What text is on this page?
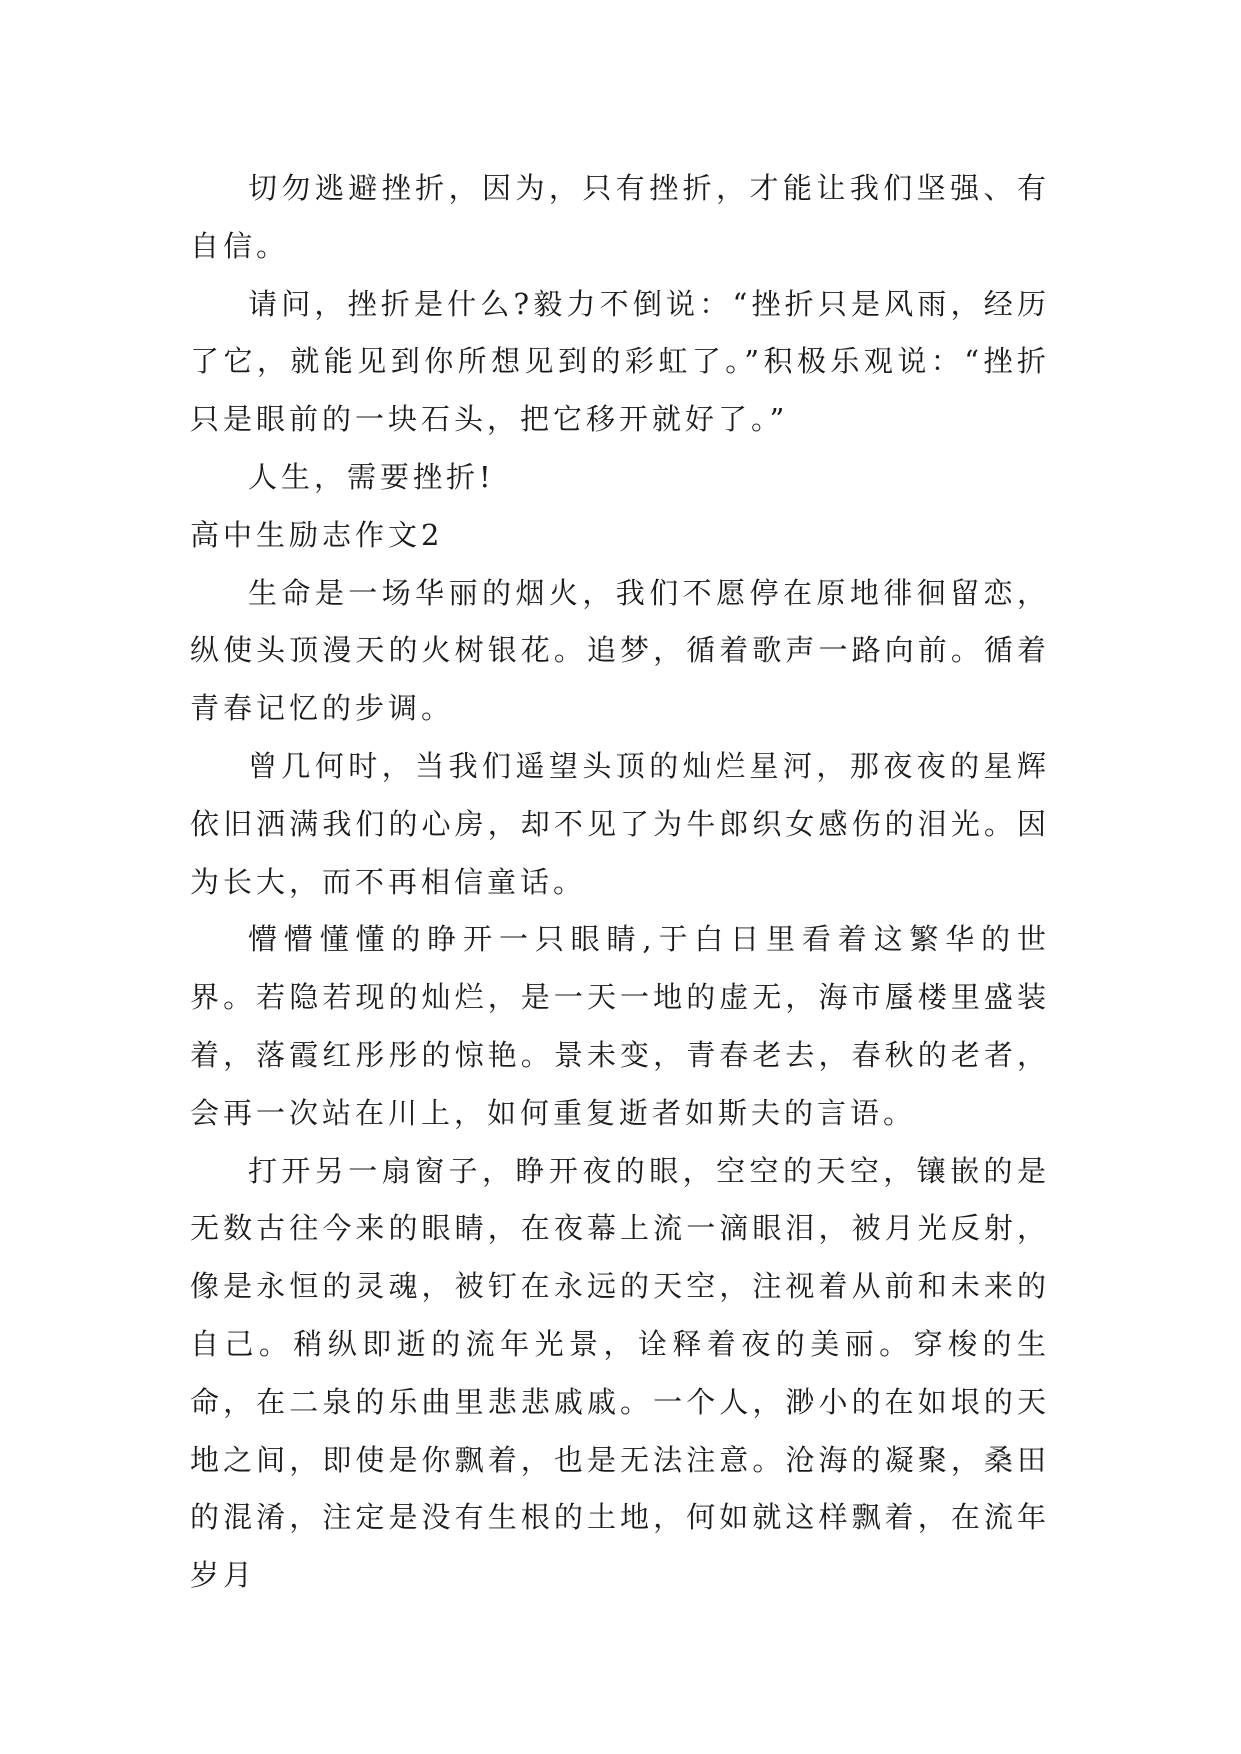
切勿逃避挫折，因为，只有挫折，才能让我们坚强、有自信。

请问，挫折是什么?毅力不倒说：“挫折只是风雨，经历了它，就能见到你所想见到的彩虹了。”积极乐观说：“挫折只是眼前的一块石头，把它移开就好了。”

人生，需要挫折!

高中生励志作文2

生命是一场华丽的烟火，我们不愿停在原地徘徊留恋，纵使头顶漫天的火树银花。追梦，循着歌声一路向前。循着青春记忆的步调。

曾几何时，当我们遥望头顶的灿烂星河，那夜夜的星辉依旧洒满我们的心房，却不见了为牛郎织女感伤的泪光。因为长大，而不再相信童话。

懵懵懂懂的睁开一只眼睛,于白日里看着这繁华的世界。若隐若现的灿烂，是一天一地的虚无，海市蜃楼里盛装着，落霞红彤彤的惊艳。景未变，青春老去，春秋的老者，会再一次站在川上，如何重复逝者如斯夫的言语。

打开另一扇窗子，睁开夜的眼，空空的天空，镶嵌的是无数古往今来的眼睛，在夜幕上流一滴眼泪，被月光反射，像是永恒的灵魂，被钉在永远的天空，注视着从前和未来的自己。稍纵即逝的流年光景，诠释着夜的美丽。穿梭的生命，在二泉的乐曲里悲悲戚戚。一个人，渺小的在如垠的天地之间，即使是你飘着，也是无法注意。沧海的凝聚，桑田的混淆，注定是没有生根的土地，何如就这样飘着，在流年岁月
